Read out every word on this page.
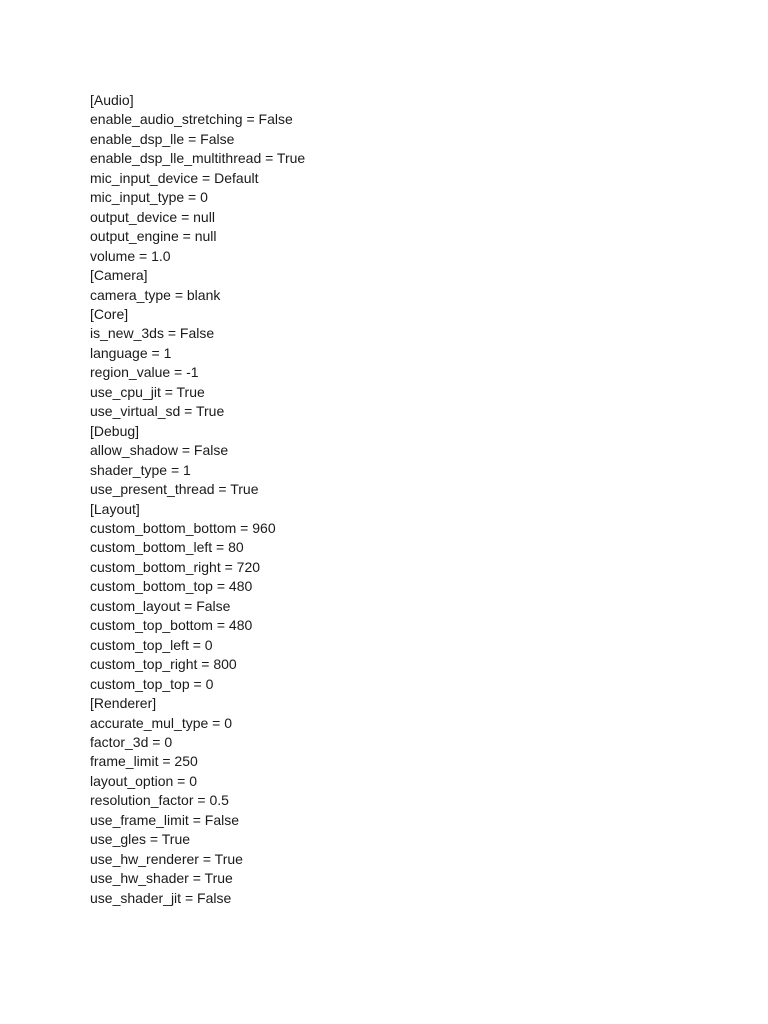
[Audio]
enable_audio_stretching = False
enable_dsp_lle = False
enable_dsp_lle_multithread = True
mic_input_device = Default
mic_input_type = 0
output_device = null
output_engine = null
volume = 1.0
[Camera]
camera_type = blank
[Core]
is_new_3ds = False
language = 1
region_value = -1
use_cpu_jit = True
use_virtual_sd = True
[Debug]
allow_shadow = False
shader_type = 1
use_present_thread = True
[Layout]
custom_bottom_bottom = 960
custom_bottom_left = 80
custom_bottom_right = 720
custom_bottom_top = 480
custom_layout = False
custom_top_bottom = 480
custom_top_left = 0
custom_top_right = 800
custom_top_top = 0
[Renderer]
accurate_mul_type = 0
factor_3d = 0
frame_limit = 250
layout_option = 0
resolution_factor = 0.5
use_frame_limit = False
use_gles = True
use_hw_renderer = True
use_hw_shader = True
use_shader_jit = False
